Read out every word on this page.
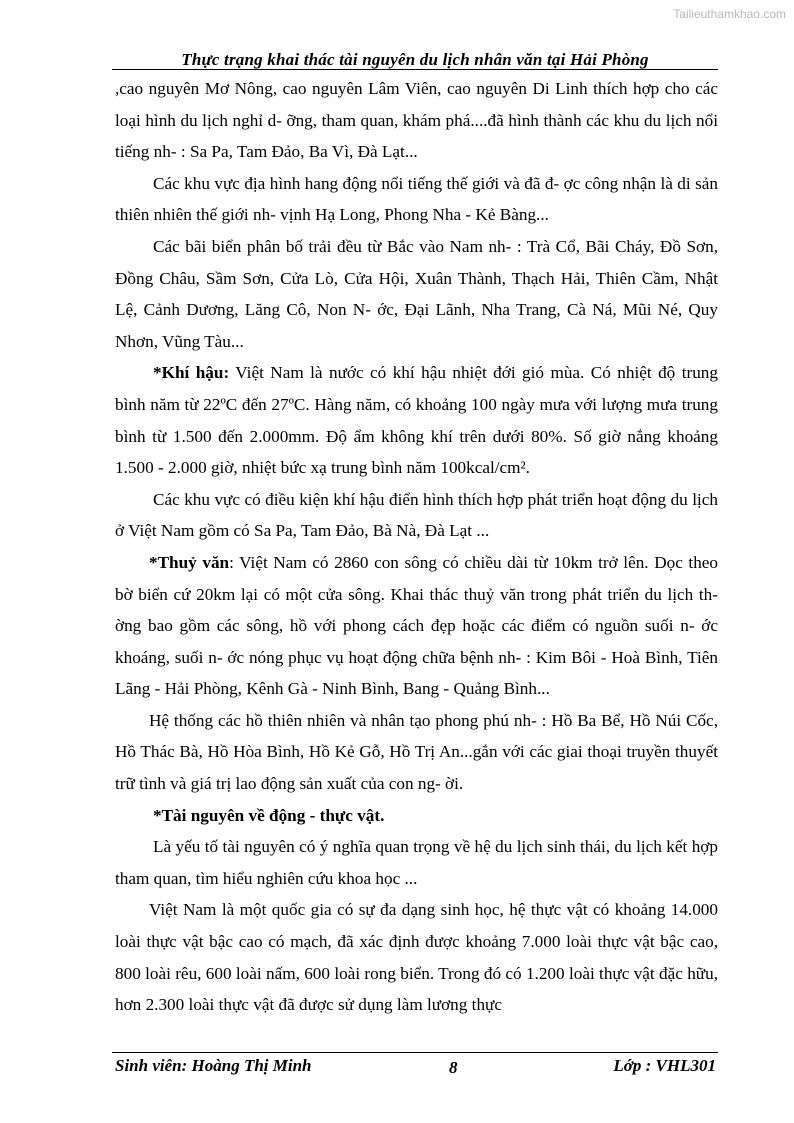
Tailieuthamkhao.com
Thực trạng khai thác tài nguyên du lịch nhân văn tại Hải Phòng

,cao nguyên Mơ Nông, cao nguyên Lâm Viên, cao nguyên Di Linh thích hợp cho các loại hình du lịch nghỉ d- ỡng, tham quan, khám phá....đã hình thành các khu du lịch nổi tiếng nh- : Sa Pa, Tam Đảo, Ba Vì, Đà Lạt...

Các khu vực địa hình hang động nổi tiếng thế giới và đã đ- ợc công nhận là di sản thiên nhiên thế giới nh- vịnh Hạ Long, Phong Nha - Kẻ Bàng...

Các bãi biển phân bố trải đều từ Bắc vào Nam nh- : Trà Cổ, Bãi Cháy, Đồ Sơn, Đồng Châu, Sầm Sơn, Cửa Lò, Cửa Hội, Xuân Thành, Thạch Hải, Thiên Cầm, Nhật Lệ, Cảnh Dương, Lăng Cô, Non N- ớc, Đại Lãnh, Nha Trang, Cà Ná, Mũi Né, Quy Nhơn, Vũng Tàu...

*Khí hậu: Việt Nam là nước có khí hậu nhiệt đới gió mùa. Có nhiệt độ trung bình năm từ 22ºC đến 27ºC. Hàng năm, có khoảng 100 ngày mưa với lượng mưa trung bình từ 1.500 đến 2.000mm. Độ ẩm không khí trên dưới 80%. Số giờ nắng khoảng 1.500 - 2.000 giờ, nhiệt bức xạ trung bình năm 100kcal/cm².

Các khu vực có điều kiện khí hậu điển hình thích hợp phát triển hoạt động du lịch ở Việt Nam gồm có Sa Pa, Tam Đảo, Bà Nà, Đà Lạt ...

*Thuỷ văn: Việt Nam có 2860 con sông có chiều dài từ 10km trở lên. Dọc theo bờ biển cứ 20km lại có một cửa sông. Khai thác thuỷ văn trong phát triển du lịch th- ờng bao gồm các sông, hồ với phong cách đẹp hoặc các điểm có nguồn suối n- ớc khoáng, suối n- ớc nóng phục vụ hoạt động chữa bệnh nh- : Kim Bôi - Hoà Bình, Tiên Lãng - Hải Phòng, Kênh Gà - Ninh Bình, Bang - Quảng Bình...

Hệ thống các hồ thiên nhiên và nhân tạo phong phú nh- : Hồ Ba Bể, Hồ Núi Cốc, Hồ Thác Bà, Hồ Hòa Bình, Hồ Kẻ Gỗ, Hồ Trị An...gắn với các giai thoại truyền thuyết trữ tình và giá trị lao động sản xuất của con ng- ời.

*Tài nguyên về động - thực vật.

Là yếu tố tài nguyên có ý nghĩa quan trọng về hệ du lịch sinh thái, du lịch kết hợp tham quan, tìm hiểu nghiên cứu khoa học ...

Việt Nam là một quốc gia có sự đa dạng sinh học, hệ thực vật có khoảng 14.000 loài thực vật bậc cao có mạch, đã xác định được khoảng 7.000 loài thực vật bậc cao, 800 loài rêu, 600 loài nấm, 600 loài rong biển. Trong đó có 1.200 loài thực vật đặc hữu, hơn 2.300 loài thực vật đã được sử dụng làm lương thực

Sinh viên: Hoàng Thị Minh	8	Lớp : VHL301
